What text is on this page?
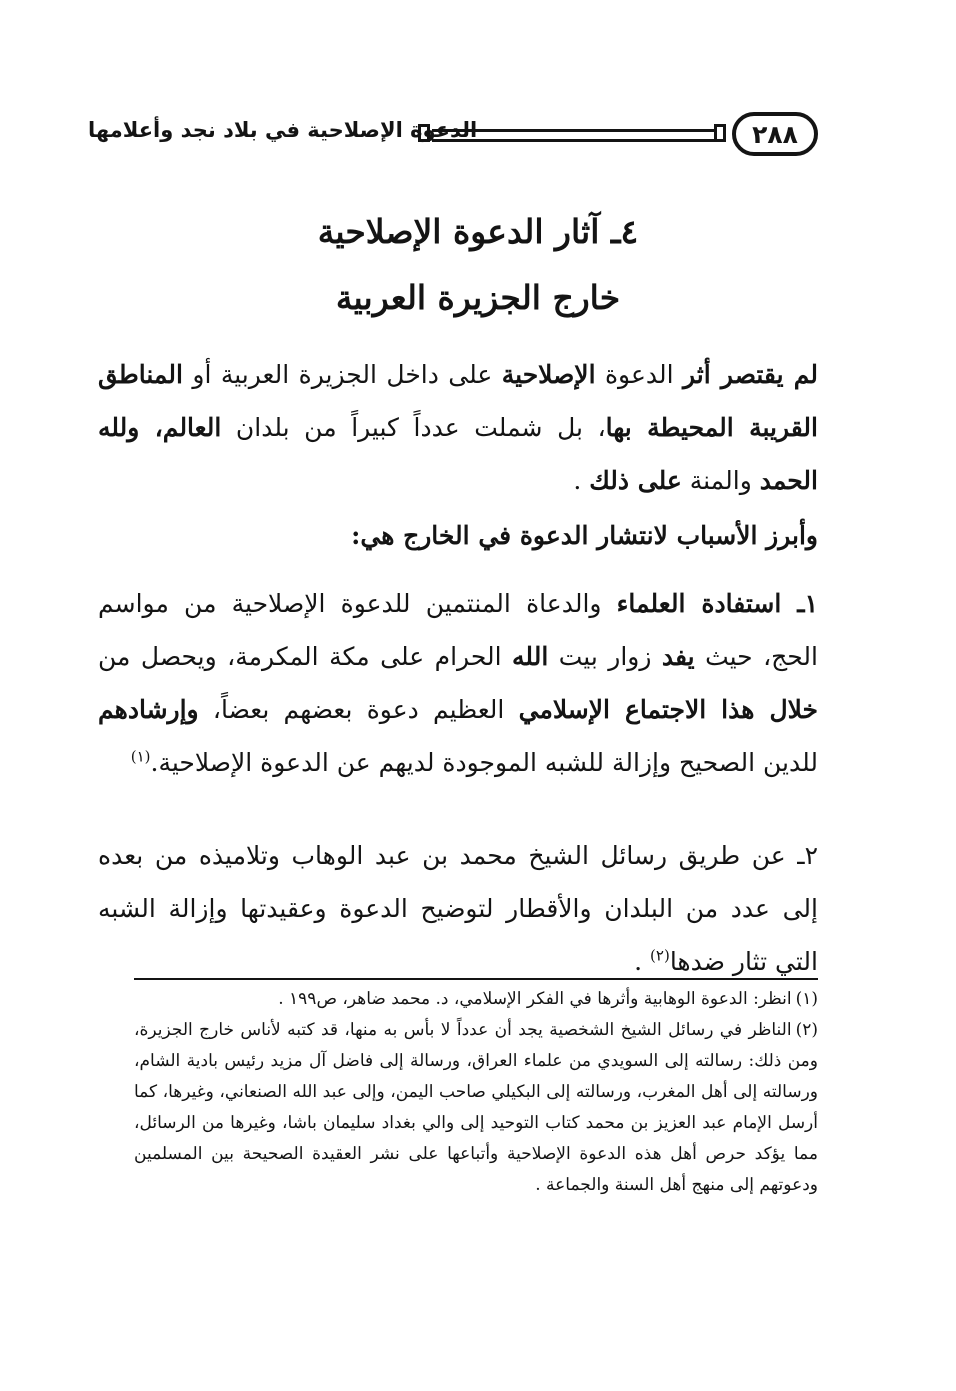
٢٨٨
الدعوة الإصلاحية في بلاد نجد وأعلامها
٤ـ آثار الدعوة الإصلاحية
خارج الجزيرة العربية

لم يقتصر أثر الدعوة الإصلاحية على داخل الجزيرة العربية أو المناطق القريبة المحيطة بها، بل شملت عدداً كبيراً من بلدان العالم، ولله الحمد والمنة على ذلك .

وأبرز الأسباب لانتشار الدعوة في الخارج هي:

١ـ استفادة العلماء والدعاة المنتمين للدعوة الإصلاحية من مواسم الحج، حيث يفد زوار بيت الله الحرام على مكة المكرمة، ويحصل من خلال هذا الاجتماع الإسلامي العظيم دعوة بعضهم بعضاً، وإرشادهم للدين الصحيح وإزالة للشبه الموجودة لديهم عن الدعوة الإصلاحية.$^{(١)}$

٢ـ عن طريق رسائل الشيخ محمد بن عبد الوهاب وتلاميذه من بعده إلى عدد من البلدان والأقطار لتوضيح الدعوة وعقيدتها وإزالة الشبه التي تثار ضدها$^{(٢)}$ .

(١)انظر: الدعوة الوهابية وأثرها في الفكر الإسلامي، د. محمد ضاهر، ص١٩٩ .

(٢)الناظر في رسائل الشيخ الشخصية يجد أن عدداً لا بأس به منها، قد كتبه لأناس خارج الجزيرة، ومن ذلك: رسالته إلى السويدي من علماء العراق، ورسالة إلى فاضل آل مزيد رئيس بادية الشام، ورسالته إلى أهل المغرب، ورسالته إلى البكيلي صاحب اليمن، وإلى عبد الله الصنعاني، وغيرها، كما أرسل الإمام عبد العزيز بن محمد كتاب التوحيد إلى والي بغداد سليمان باشا، وغيرها من الرسائل، مما يؤكد حرص أهل هذه الدعوة الإصلاحية وأتباعها على نشر العقيدة الصحيحة بين المسلمين ودعوتهم إلى منهج أهل السنة والجماعة .
